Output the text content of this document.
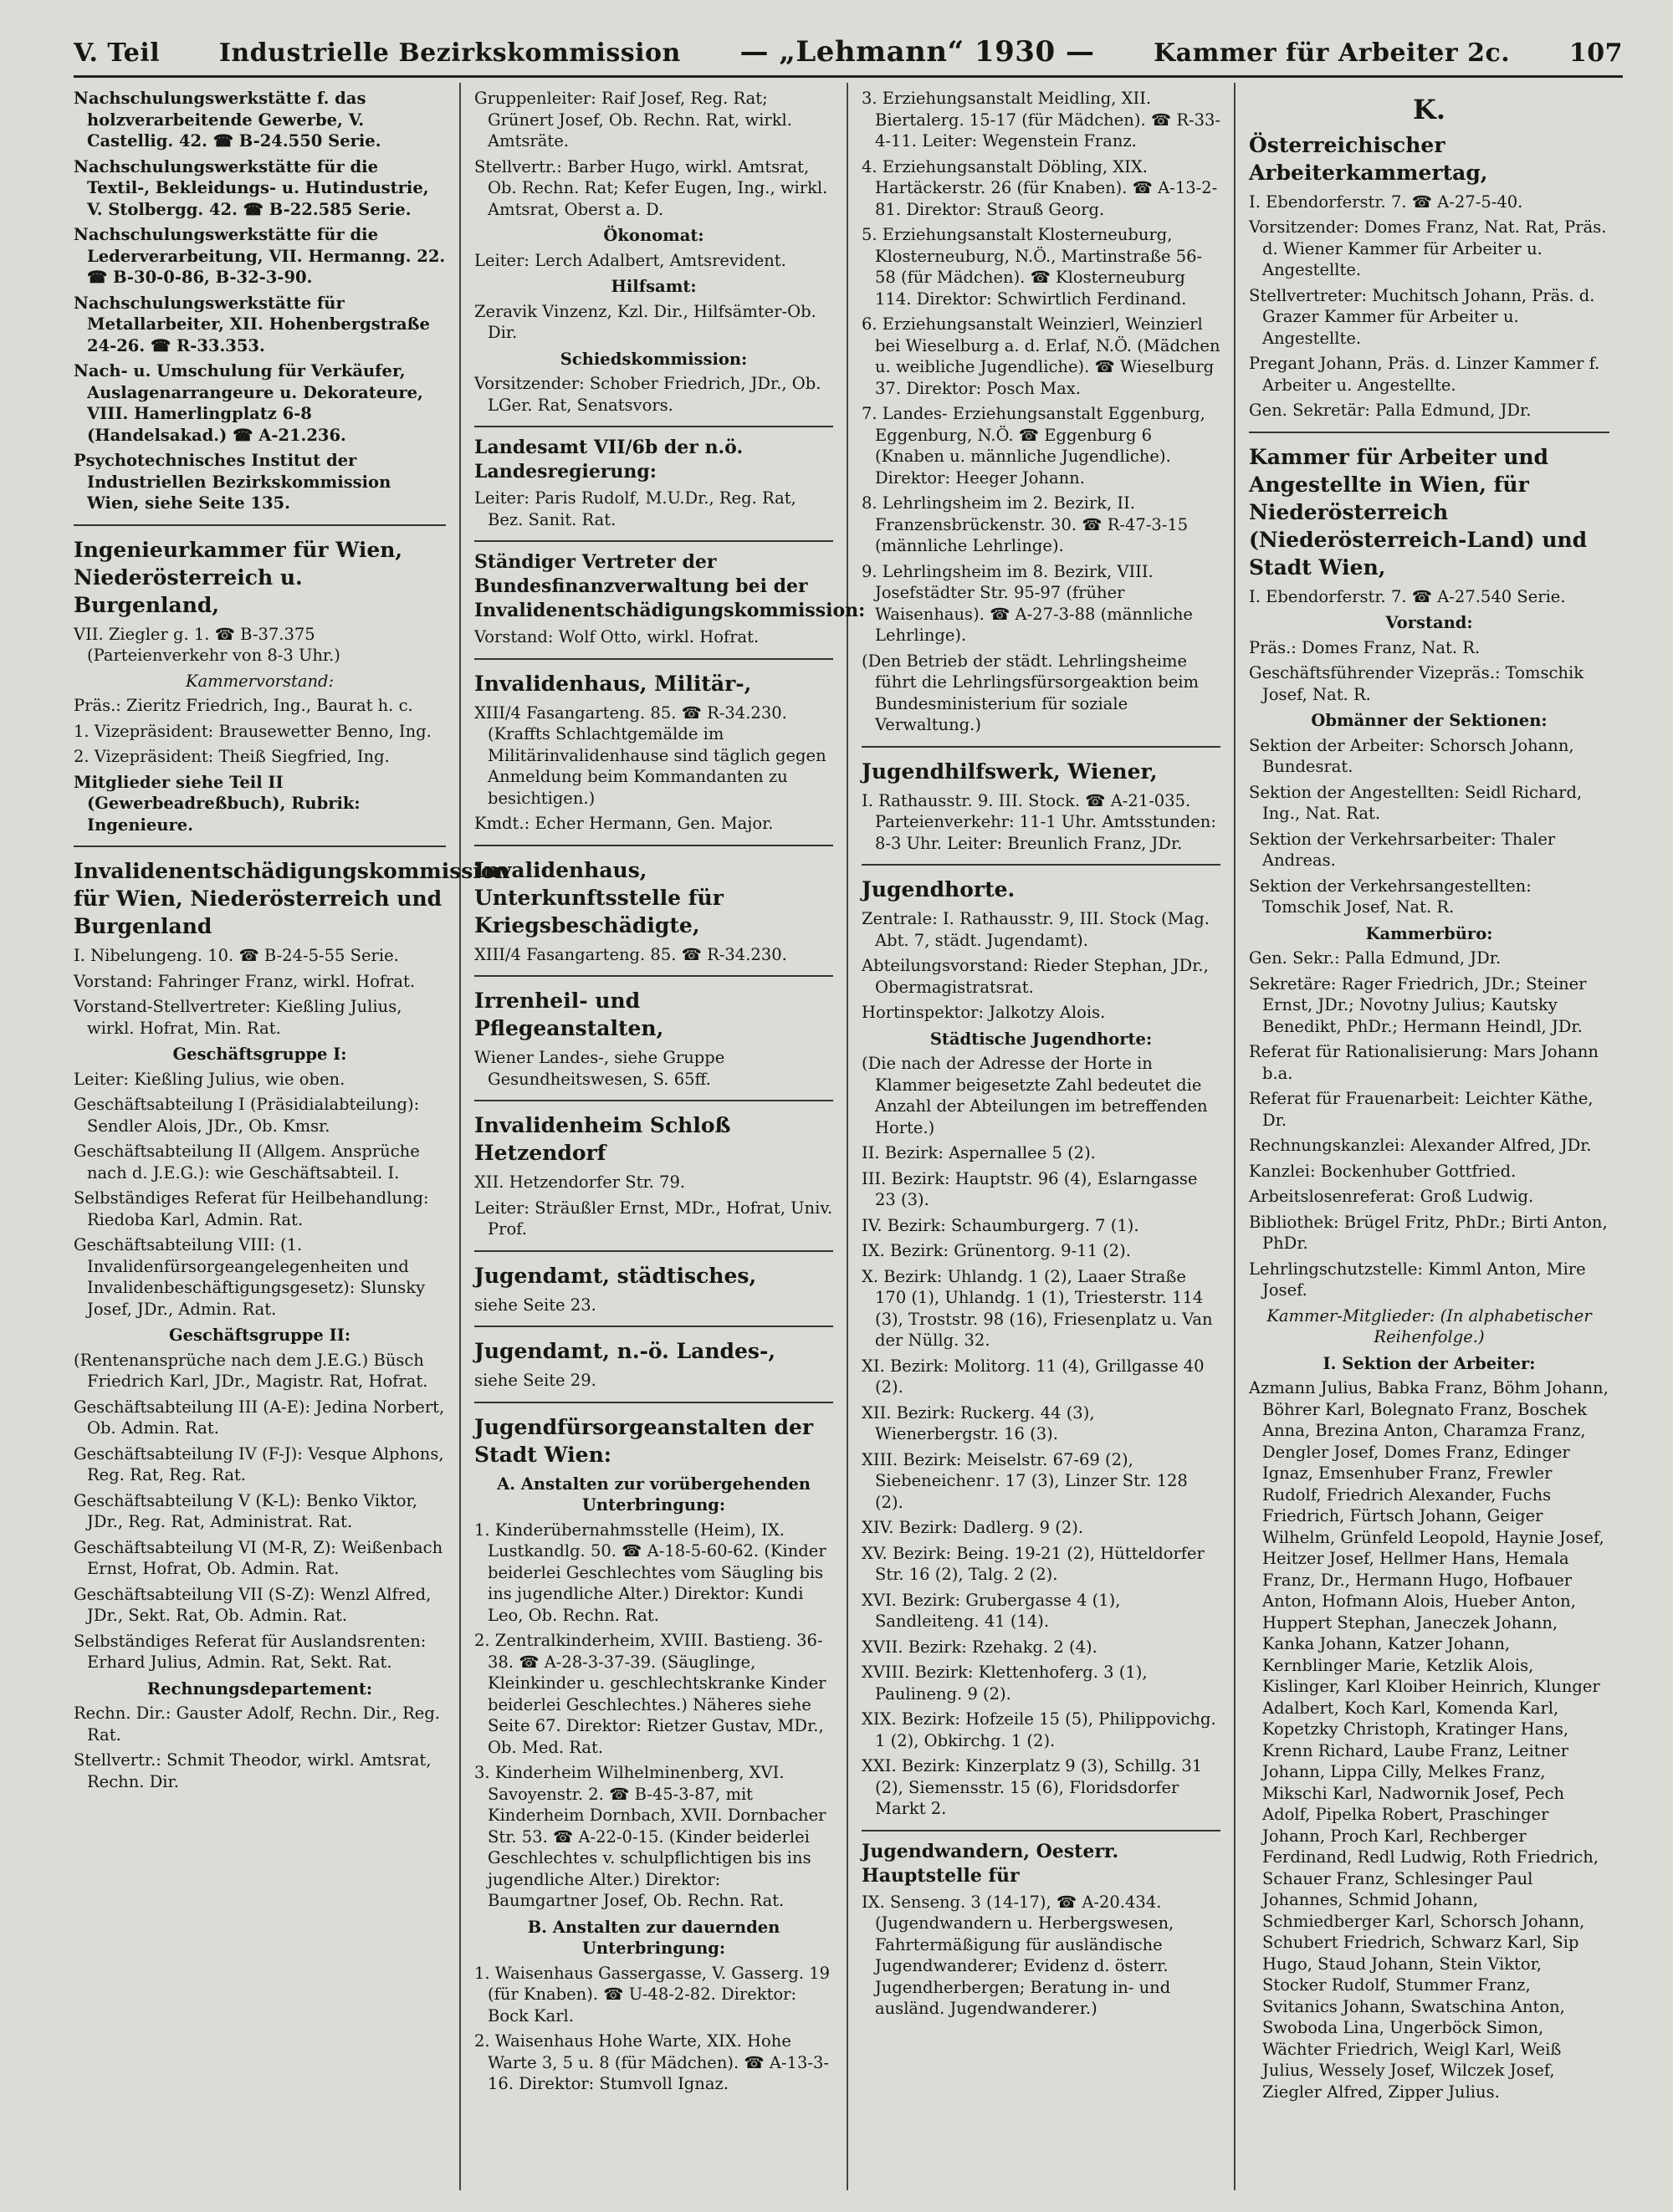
V. Teil Industrielle Bezirkskommission — „Lehmann“ 1930 — Kammer für Arbeiter 2c. 107

Nachschulungswerkstätte f. das holzverarbeitende Gewerbe, V. Castellig. 42. ☎ B-24.550 Serie.

Nachschulungswerkstätte für die Textil-, Bekleidungs- u. Hutindustrie, V. Stolbergg. 42. ☎ B-22.585 Serie.

Nachschulungswerkstätte für die Lederverarbeitung, VII. Hermanng. 22. ☎ B-30-0-86, B-32-3-90.

Nachschulungswerkstätte für Metallarbeiter, XII. Hohenbergstraße 24-26. ☎ R-33.353.

Nach- u. Umschulung für Verkäufer, Auslagenarrangeure u. Dekorateure, VIII. Hamerlingplatz 6-8 (Handelsakad.) ☎ A-21.236.

Psychotechnisches Institut der Industriellen Bezirkskommission Wien, siehe Seite 135.

Ingenieurkammer für Wien, Niederösterreich u. Burgenland,

VII. Ziegler g. 1. ☎ B-37.375 (Parteienverkehr von 8-3 Uhr.)

Kammervorstand:

Präs.: Zieritz Friedrich, Ing., Baurat h. c.

1. Vizepräsident: Brausewetter Benno, Ing.

2. Vizepräsident: Theiß Siegfried, Ing.

Mitglieder siehe Teil II (Gewerbeadreßbuch), Rubrik: Ingenieure.

Invalidenentschädigungskommission für Wien, Niederösterreich und Burgenland

I. Nibelungeng. 10. ☎ B-24-5-55 Serie.

Vorstand: Fahringer Franz, wirkl. Hofrat.

Vorstand-Stellvertreter: Kießling Julius, wirkl. Hofrat, Min. Rat.

Geschäftsgruppe I:

Leiter: Kießling Julius, wie oben.

Geschäftsabteilung I (Präsidialabteilung): Sendler Alois, JDr., Ob. Kmsr.

Geschäftsabteilung II (Allgem. Ansprüche nach d. J.E.G.): wie Geschäftsabteil. I.

Selbständiges Referat für Heilbehandlung: Riedoba Karl, Admin. Rat.

Geschäftsabteilung VIII: (1. Invalidenfürsorgeangelegenheiten und Invalidenbeschäftigungsgesetz): Slunsky Josef, JDr., Admin. Rat.

Geschäftsgruppe II:

(Rentenansprüche nach dem J.E.G.) Büsch Friedrich Karl, JDr., Magistr. Rat, Hofrat.

Geschäftsabteilung III (A-E): Jedina Norbert, Ob. Admin. Rat.

Geschäftsabteilung IV (F-J): Vesque Alphons, Reg. Rat, Reg. Rat.

Geschäftsabteilung V (K-L): Benko Viktor, JDr., Reg. Rat, Administrat. Rat.

Geschäftsabteilung VI (M-R, Z): Weißenbach Ernst, Hofrat, Ob. Admin. Rat.

Geschäftsabteilung VII (S-Z): Wenzl Alfred, JDr., Sekt. Rat, Ob. Admin. Rat.

Selbständiges Referat für Auslandsrenten: Erhard Julius, Admin. Rat, Sekt. Rat.

Rechnungsdepartement:

Rechn. Dir.: Gauster Adolf, Rechn. Dir., Reg. Rat.

Stellvertr.: Schmit Theodor, wirkl. Amtsrat, Rechn. Dir.

Gruppenleiter: Raif Josef, Reg. Rat; Grünert Josef, Ob. Rechn. Rat, wirkl. Amtsräte.

Stellvertr.: Barber Hugo, wirkl. Amtsrat, Ob. Rechn. Rat; Kefer Eugen, Ing., wirkl. Amtsrat, Oberst a. D.

Ökonomat:

Leiter: Lerch Adalbert, Amtsrevident.

Hilfsamt:

Zeravik Vinzenz, Kzl. Dir., Hilfsämter-Ob. Dir.

Schiedskommission:

Vorsitzender: Schober Friedrich, JDr., Ob. LGer. Rat, Senatsvors.

Landesamt VII/6b der n.ö. Landesregierung:

Leiter: Paris Rudolf, M.U.Dr., Reg. Rat, Bez. Sanit. Rat.

Ständiger Vertreter der Bundesfinanzverwaltung bei der Invalidenentschädigungskommission:

Vorstand: Wolf Otto, wirkl. Hofrat.

Invalidenhaus, Militär-,

XIII/4 Fasangarteng. 85. ☎ R-34.230. (Kraffts Schlachtgemälde im Militärinvalidenhause sind täglich gegen Anmeldung beim Kommandanten zu besichtigen.)

Kmdt.: Echer Hermann, Gen. Major.

Invalidenhaus, Unterkunftsstelle für Kriegsbeschädigte,

XIII/4 Fasangarteng. 85. ☎ R-34.230.

Irrenheil- und Pflegeanstalten,

Wiener Landes-, siehe Gruppe Gesundheitswesen, S. 65ff.

Invalidenheim Schloß Hetzendorf

XII. Hetzendorfer Str. 79.

Leiter: Sträußler Ernst, MDr., Hofrat, Univ. Prof.

Jugendamt, städtisches,

siehe Seite 23.

Jugendamt, n.-ö. Landes-,

siehe Seite 29.

Jugendfürsorgeanstalten der Stadt Wien:
A. Anstalten zur vorübergehenden Unterbringung:

1. Kinderübernahmsstelle (Heim), IX. Lustkandlg. 50. ☎ A-18-5-60-62. (Kinder beiderlei Geschlechtes vom Säugling bis ins jugendliche Alter.) Direktor: Kundi Leo, Ob. Rechn. Rat.

2. Zentralkinderheim, XVIII. Bastieng. 36-38. ☎ A-28-3-37-39. (Säuglinge, Kleinkinder u. geschlechtskranke Kinder beiderlei Geschlechtes.) Näheres siehe Seite 67. Direktor: Rietzer Gustav, MDr., Ob. Med. Rat.

3. Kinderheim Wilhelminenberg, XVI. Savoyenstr. 2. ☎ B-45-3-87, mit Kinderheim Dornbach, XVII. Dornbacher Str. 53. ☎ A-22-0-15. (Kinder beiderlei Geschlechtes v. schulpflichtigen bis ins jugendliche Alter.) Direktor: Baumgartner Josef, Ob. Rechn. Rat.

B. Anstalten zur dauernden Unterbringung:

1. Waisenhaus Gassergasse, V. Gasserg. 19 (für Knaben). ☎ U-48-2-82. Direktor: Bock Karl.

2. Waisenhaus Hohe Warte, XIX. Hohe Warte 3, 5 u. 8 (für Mädchen). ☎ A-13-3-16. Direktor: Stumvoll Ignaz.

3. Erziehungsanstalt Meidling, XII. Biertalerg. 15-17 (für Mädchen). ☎ R-33-4-11. Leiter: Wegenstein Franz.

4. Erziehungsanstalt Döbling, XIX. Hartäckerstr. 26 (für Knaben). ☎ A-13-2-81. Direktor: Strauß Georg.

5. Erziehungsanstalt Klosterneuburg, Klosterneuburg, N.Ö., Martinstraße 56-58 (für Mädchen). ☎ Klosterneuburg 114. Direktor: Schwirtlich Ferdinand.

6. Erziehungsanstalt Weinzierl, Weinzierl bei Wieselburg a. d. Erlaf, N.Ö. (Mädchen u. weibliche Jugendliche). ☎ Wieselburg 37. Direktor: Posch Max.

7. Landes- Erziehungsanstalt Eggenburg, Eggenburg, N.Ö. ☎ Eggenburg 6 (Knaben u. männliche Jugendliche). Direktor: Heeger Johann.

8. Lehrlingsheim im 2. Bezirk, II. Franzensbrückenstr. 30. ☎ R-47-3-15 (männliche Lehrlinge).

9. Lehrlingsheim im 8. Bezirk, VIII. Josefstädter Str. 95-97 (früher Waisenhaus). ☎ A-27-3-88 (männliche Lehrlinge).

(Den Betrieb der städt. Lehrlingsheime führt die Lehrlingsfürsorgeaktion beim Bundesministerium für soziale Verwaltung.)

Jugendhilfswerk, Wiener,

I. Rathausstr. 9. III. Stock. ☎ A-21-035. Parteienverkehr: 11-1 Uhr. Amtsstunden: 8-3 Uhr. Leiter: Breunlich Franz, JDr.

Jugendhorte.

Zentrale: I. Rathausstr. 9, III. Stock (Mag. Abt. 7, städt. Jugendamt).

Abteilungsvorstand: Rieder Stephan, JDr., Obermagistratsrat.

Hortinspektor: Jalkotzy Alois.

Städtische Jugendhorte:

(Die nach der Adresse der Horte in Klammer beigesetzte Zahl bedeutet die Anzahl der Abteilungen im betreffenden Horte.)

II. Bezirk: Aspernallee 5 (2).

III. Bezirk: Hauptstr. 96 (4), Eslarngasse 23 (3).

IV. Bezirk: Schaumburgerg. 7 (1).

IX. Bezirk: Grünentorg. 9-11 (2).

X. Bezirk: Uhlandg. 1 (2), Laaer Straße 170 (1), Uhlandg. 1 (1), Triesterstr. 114 (3), Troststr. 98 (16), Friesenplatz u. Van der Nüllg. 32.

XI. Bezirk: Molitorg. 11 (4), Grillgasse 40 (2).

XII. Bezirk: Ruckerg. 44 (3), Wienerbergstr. 16 (3).

XIII. Bezirk: Meiselstr. 67-69 (2), Siebeneichenг. 17 (3), Linzer Str. 128 (2).

XIV. Bezirk: Dadlerg. 9 (2).

XV. Bezirk: Being. 19-21 (2), Hütteldorfer Str. 16 (2), Talg. 2 (2).

XVI. Bezirk: Grubergasse 4 (1), Sandleiteng. 41 (14).

XVII. Bezirk: Rzehakg. 2 (4).

XVIII. Bezirk: Klettenhoferg. 3 (1), Paulineng. 9 (2).

XIX. Bezirk: Hofzeile 15 (5), Philippovichg. 1 (2), Obkirchg. 1 (2).

XXI. Bezirk: Kinzerplatz 9 (3), Schillg. 31 (2), Siemensstr. 15 (6), Floridsdorfer Markt 2.

Jugendwandern, Oesterr. Hauptstelle für

IX. Senseng. 3 (14-17), ☎ A-20.434. (Jugendwandern u. Herbergswesen, Fahrtermäßigung für ausländische Jugendwanderer; Evidenz d. österr. Jugendherbergen; Beratung in- und ausländ. Jugendwanderer.)

K.
Österreichischer Arbeiterkammertag,

I. Ebendorferstr. 7. ☎ A-27-5-40.

Vorsitzender: Domes Franz, Nat. Rat, Präs. d. Wiener Kammer für Arbeiter u. Angestellte.

Stellvertreter: Muchitsch Johann, Präs. d. Grazer Kammer für Arbeiter u. Angestellte.

Pregant Johann, Präs. d. Linzer Kammer f. Arbeiter u. Angestellte.

Gen. Sekretär: Palla Edmund, JDr.

Kammer für Arbeiter und Angestellte in Wien, für Niederösterreich (Niederösterreich-Land) und Stadt Wien,

I. Ebendorferstr. 7. ☎ A-27.540 Serie.

Vorstand:

Präs.: Domes Franz, Nat. R.

Geschäftsführender Vizepräs.: Tomschik Josef, Nat. R.

Obmänner der Sektionen:

Sektion der Arbeiter: Schorsch Johann, Bundesrat.

Sektion der Angestellten: Seidl Richard, Ing., Nat. Rat.

Sektion der Verkehrsarbeiter: Thaler Andreas.

Sektion der Verkehrsangestellten: Tomschik Josef, Nat. R.

Kammerbüro:

Gen. Sekr.: Palla Edmund, JDr.

Sekretäre: Rager Friedrich, JDr.; Steiner Ernst, JDr.; Novotny Julius; Kautsky Benedikt, PhDr.; Hermann Heindl, JDr.

Referat für Rationalisierung: Mars Johann b.a.

Referat für Frauenarbeit: Leichter Käthe, Dr.

Rechnungskanzlei: Alexander Alfred, JDr.

Kanzlei: Bockenhuber Gottfried.

Arbeitslosenreferat: Groß Ludwig.

Bibliothek: Brügel Fritz, PhDr.; Birti Anton, PhDr.

Lehrlingschutzstelle: Kimml Anton, Mire Josef.

Kammer-Mitglieder: (In alphabetischer Reihenfolge.)
I. Sektion der Arbeiter:

Azmann Julius, Babka Franz, Böhm Johann, Böhrer Karl, Bolegnato Franz, Boschek Anna, Brezina Anton, Charamza Franz, Dengler Josef, Domes Franz, Edinger Ignaz, Emsenhuber Franz, Frewler Rudolf, Friedrich Alexander, Fuchs Friedrich, Fürtsch Johann, Geiger Wilhelm, Grünfeld Leopold, Haynie Josef, Heitzer Josef, Hellmer Hans, Hemala Franz, Dr., Hermann Hugo, Hofbauer Anton, Hofmann Alois, Hueber Anton, Huppert Stephan, Janeczek Johann, Kanka Johann, Katzer Johann, Kernblinger Marie, Ketzlik Alois, Kislinger, Karl Kloiber Heinrich, Klunger Adalbert, Koch Karl, Komenda Karl, Kopetzky Christoph, Kratinger Hans, Krenn Richard, Laube Franz, Leitner Johann, Lippa Cilly, Melkes Franz, Mikschi Karl, Nadwornik Josef, Pech Adolf, Pipelka Robert, Praschinger Johann, Proch Karl, Rechberger Ferdinand, Redl Ludwig, Roth Friedrich, Schauer Franz, Schlesinger Paul Johannes, Schmid Johann, Schmiedberger Karl, Schorsch Johann, Schubert Friedrich, Schwarz Karl, Sip Hugo, Staud Johann, Stein Viktor, Stocker Rudolf, Stummer Franz, Svitanics Johann, Swatschina Anton, Swoboda Lina, Ungerböck Simon, Wächter Friedrich, Weigl Karl, Weiß Julius, Wessely Josef, Wilczek Josef, Ziegler Alfred, Zipper Julius.
